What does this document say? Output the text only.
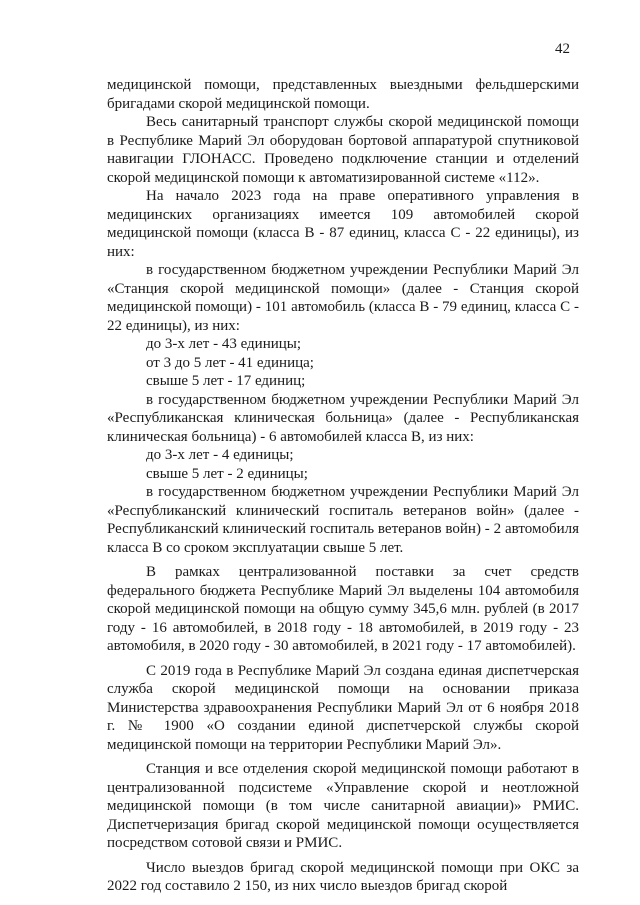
42

медицинской помощи, представленных выездными фельдшерскими бригадами скорой медицинской помощи.

Весь санитарный транспорт службы скорой медицинской помощи в Республике Марий Эл оборудован бортовой аппаратурой спутниковой навигации ГЛОНАСС. Проведено подключение станции и отделений скорой медицинской помощи к автоматизированной системе «112».

На начало 2023 года на праве оперативного управления в медицинских организациях имеется 109 автомобилей скорой медицинской помощи (класса В - 87 единиц, класса С - 22 единицы), из них:

в государственном бюджетном учреждении Республики Марий Эл «Станция скорой медицинской помощи» (далее - Станция скорой медицинской помощи) - 101 автомобиль (класса В - 79 единиц, класса С - 22 единицы), из них:

до 3-х лет - 43 единицы;

от 3 до 5 лет - 41 единица;

свыше 5 лет - 17 единиц;

в государственном бюджетном учреждении Республики Марий Эл «Республиканская клиническая больница» (далее - Республиканская клиническая больница) - 6 автомобилей класса В, из них:

до 3-х лет - 4 единицы;

свыше 5 лет - 2 единицы;

в государственном бюджетном учреждении Республики Марий Эл «Республиканский клинический госпиталь ветеранов войн» (далее - Республиканский клинический госпиталь ветеранов войн) - 2 автомобиля класса В со сроком эксплуатации свыше 5 лет.

В рамках централизованной поставки за счет средств федерального бюджета Республике Марий Эл выделены 104 автомобиля скорой медицинской помощи на общую сумму 345,6 млн. рублей (в 2017 году - 16 автомобилей, в 2018 году - 18 автомобилей, в 2019 году - 23 автомобиля, в 2020 году - 30 автомобилей, в 2021 году - 17 автомобилей).

С 2019 года в Республике Марий Эл создана единая диспетчерская служба скорой медицинской помощи на основании приказа Министерства здравоохранения Республики Марий Эл от 6 ноября 2018 г. № 1900 «О создании единой диспетчерской службы скорой медицинской помощи на территории Республики Марий Эл».

Станция и все отделения скорой медицинской помощи работают в централизованной подсистеме «Управление скорой и неотложной медицинской помощи (в том числе санитарной авиации)» РМИС. Диспетчеризация бригад скорой медицинской помощи осуществляется посредством сотовой связи и РМИС.

Число выездов бригад скорой медицинской помощи при ОКС за 2022 год составило 2 150, из них число выездов бригад скорой
